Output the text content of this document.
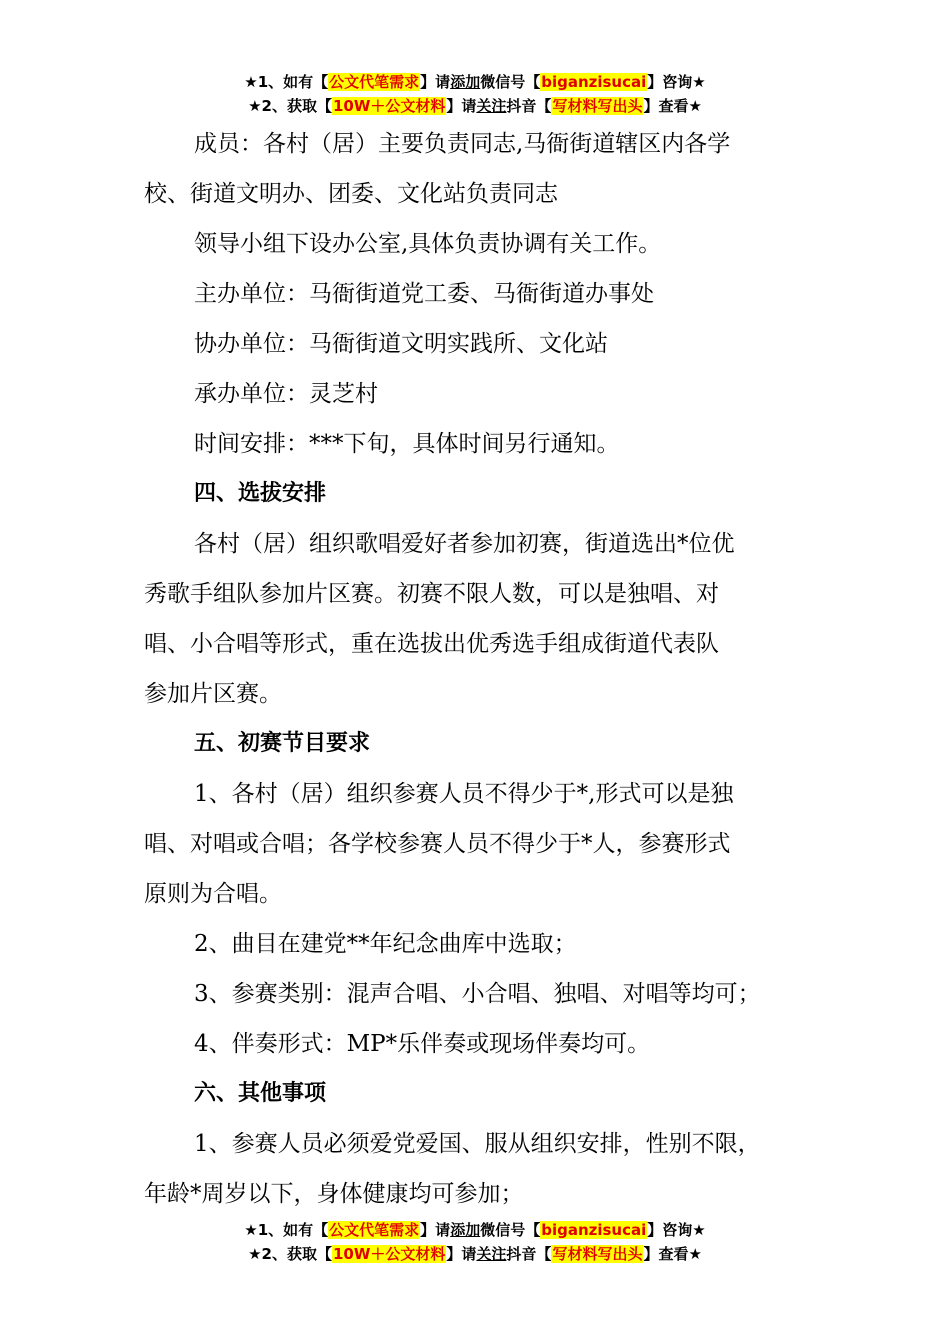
★1、如有【公文代笔需求】请添加微信号【biganzisucai】咨询★
★2、获取【10W＋公文材料】请关注抖音【写材料写出头】查看★

成员：各村（居）主要负责同志,马衙街道辖区内各学

校、街道文明办、团委、文化站负责同志

领导小组下设办公室,具体负责协调有关工作。

主办单位：马衙街道党工委、马衙街道办事处

协办单位：马衙街道文明实践所、文化站

承办单位：灵芝村

时间安排：***下旬，具体时间另行通知。

四、选拔安排

各村（居）组织歌唱爱好者参加初赛，街道选出*位优

秀歌手组队参加片区赛。初赛不限人数，可以是独唱、对

唱、小合唱等形式，重在选拔出优秀选手组成街道代表队

参加片区赛。

五、初赛节目要求

1、各村（居）组织参赛人员不得少于*,形式可以是独

唱、对唱或合唱；各学校参赛人员不得少于*人，参赛形式

原则为合唱。

2、曲目在建党**年纪念曲库中选取；

3、参赛类别：混声合唱、小合唱、独唱、对唱等均可；

4、伴奏形式：MP*乐伴奏或现场伴奏均可。

六、其他事项

1、参赛人员必须爱党爱国、服从组织安排，性别不限，

年龄*周岁以下，身体健康均可参加；

★1、如有【公文代笔需求】请添加微信号【biganzisucai】咨询★
★2、获取【10W＋公文材料】请关注抖音【写材料写出头】查看★
